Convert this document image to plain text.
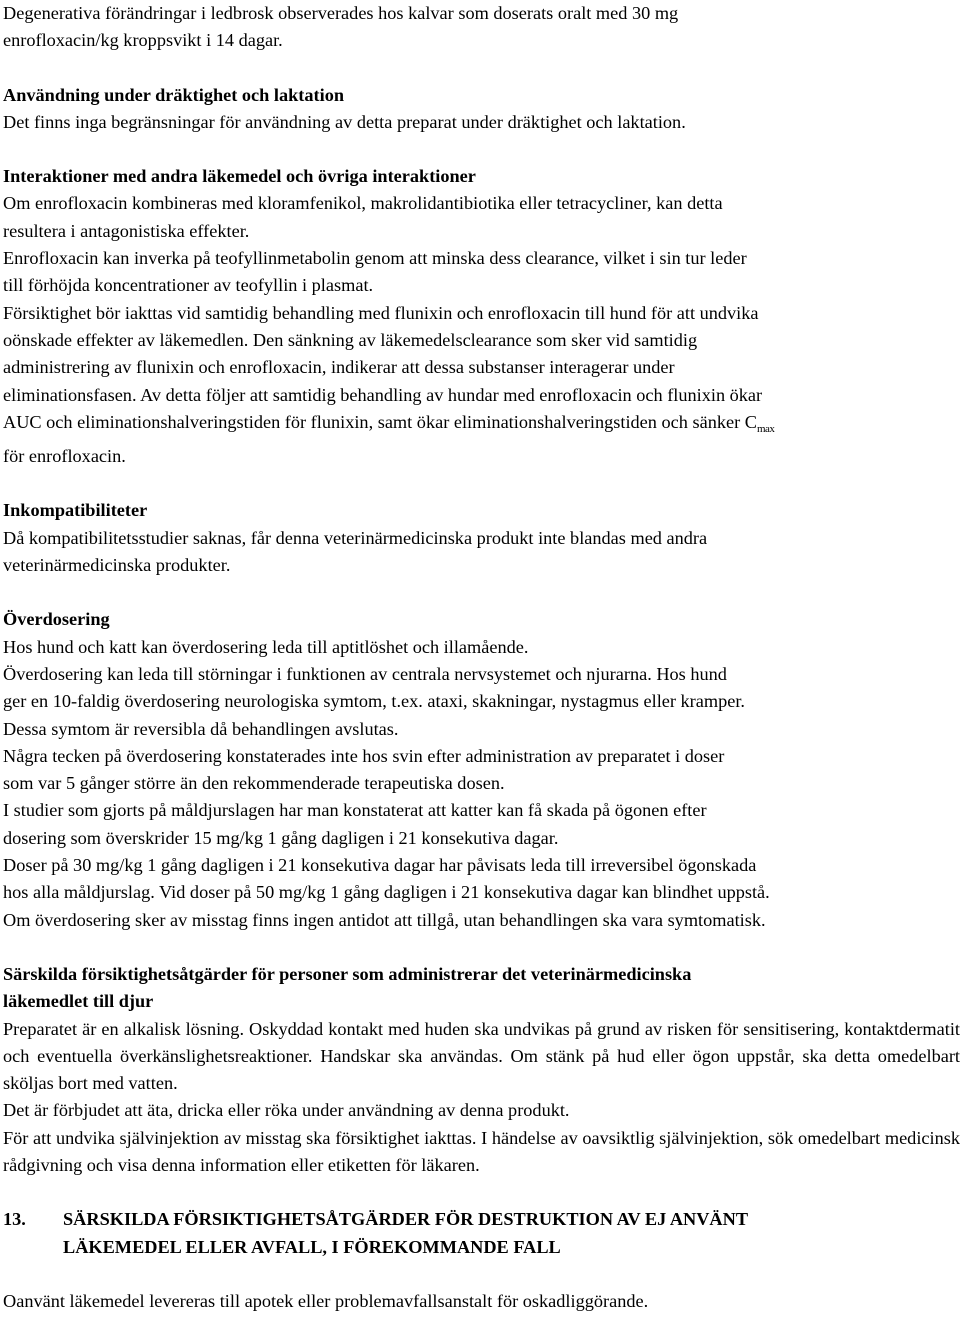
Degenerativa förändringar i ledbrosk observerades hos kalvar som doserats oralt med 30 mg

enrofloxacin/kg kroppsvikt i 14 dagar.

Användning under dräktighet och laktation

Det finns inga begränsningar för användning av detta preparat under dräktighet och laktation.

Interaktioner med andra läkemedel och övriga interaktioner

Om enrofloxacin kombineras med kloramfenikol, makrolidantibiotika eller tetracycliner, kan detta

resultera i antagonistiska effekter.

Enrofloxacin kan inverka på teofyllinmetabolin genom att minska dess clearance, vilket i sin tur leder

till förhöjda koncentrationer av teofyllin i plasmat.

Försiktighet bör iakttas vid samtidig behandling med flunixin och enrofloxacin till hund för att undvika

oönskade effekter av läkemedlen. Den sänkning av läkemedelsclearance som sker vid samtidig

administrering av flunixin och enrofloxacin, indikerar att dessa substanser interagerar under

eliminationsfasen. Av detta följer att samtidig behandling av hundar med enrofloxacin och flunixin ökar

AUC och eliminationshalveringstiden för flunixin, samt ökar eliminationshalveringstiden och sänker $C_{max}$

för enrofloxacin.

Inkompatibiliteter

Då kompatibilitetsstudier saknas, får denna veterinärmedicinska produkt inte blandas med andra

veterinärmedicinska produkter.

Överdosering

Hos hund och katt kan överdosering leda till aptitlöshet och illamående.

Överdosering kan leda till störningar i funktionen av centrala nervsystemet och njurarna. Hos hund

ger en 10-faldig överdosering neurologiska symtom, t.ex. ataxi, skakningar, nystagmus eller kramper.

Dessa symtom är reversibla då behandlingen avslutas.

Några tecken på överdosering konstaterades inte hos svin efter administration av preparatet i doser

som var 5 gånger större än den rekommenderade terapeutiska dosen.

I studier som gjorts på måldjurslagen har man konstaterat att katter kan få skada på ögonen efter

dosering som överskrider 15 mg/kg 1 gång dagligen i 21 konsekutiva dagar.

Doser på 30 mg/kg 1 gång dagligen i 21 konsekutiva dagar har påvisats leda till irreversibel ögonskada

hos alla måldjurslag. Vid doser på 50 mg/kg 1 gång dagligen i 21 konsekutiva dagar kan blindhet uppstå.

Om överdosering sker av misstag finns ingen antidot att tillgå, utan behandlingen ska vara symtomatisk.

Särskilda försiktighetsåtgärder för personer som administrerar det veterinärmedicinska

läkemedlet till djur

Preparatet är en alkalisk lösning. Oskyddad kontakt med huden ska undvikas på grund av risken för sensitisering, kontaktdermatit och eventuella överkänslighetsreaktioner. Handskar ska användas. Om stänk på hud eller ögon uppstår, ska detta omedelbart sköljas bort med vatten.

Det är förbjudet att äta, dricka eller röka under användning av denna produkt.

För att undvika självinjektion av misstag ska försiktighet iakttas. I händelse av oavsiktlig självinjektion, sök omedelbart medicinsk rådgivning och visa denna information eller etiketten för läkaren.

13.	SÄRSKILDA FÖRSIKTIGHETSÅTGÄRDER FÖR DESTRUKTION AV EJ ANVÄNT
LÄKEMEDEL ELLER AVFALL, I FÖREKOMMANDE FALL

Oanvänt läkemedel levereras till apotek eller problemavfallsanstalt för oskadliggörande.
